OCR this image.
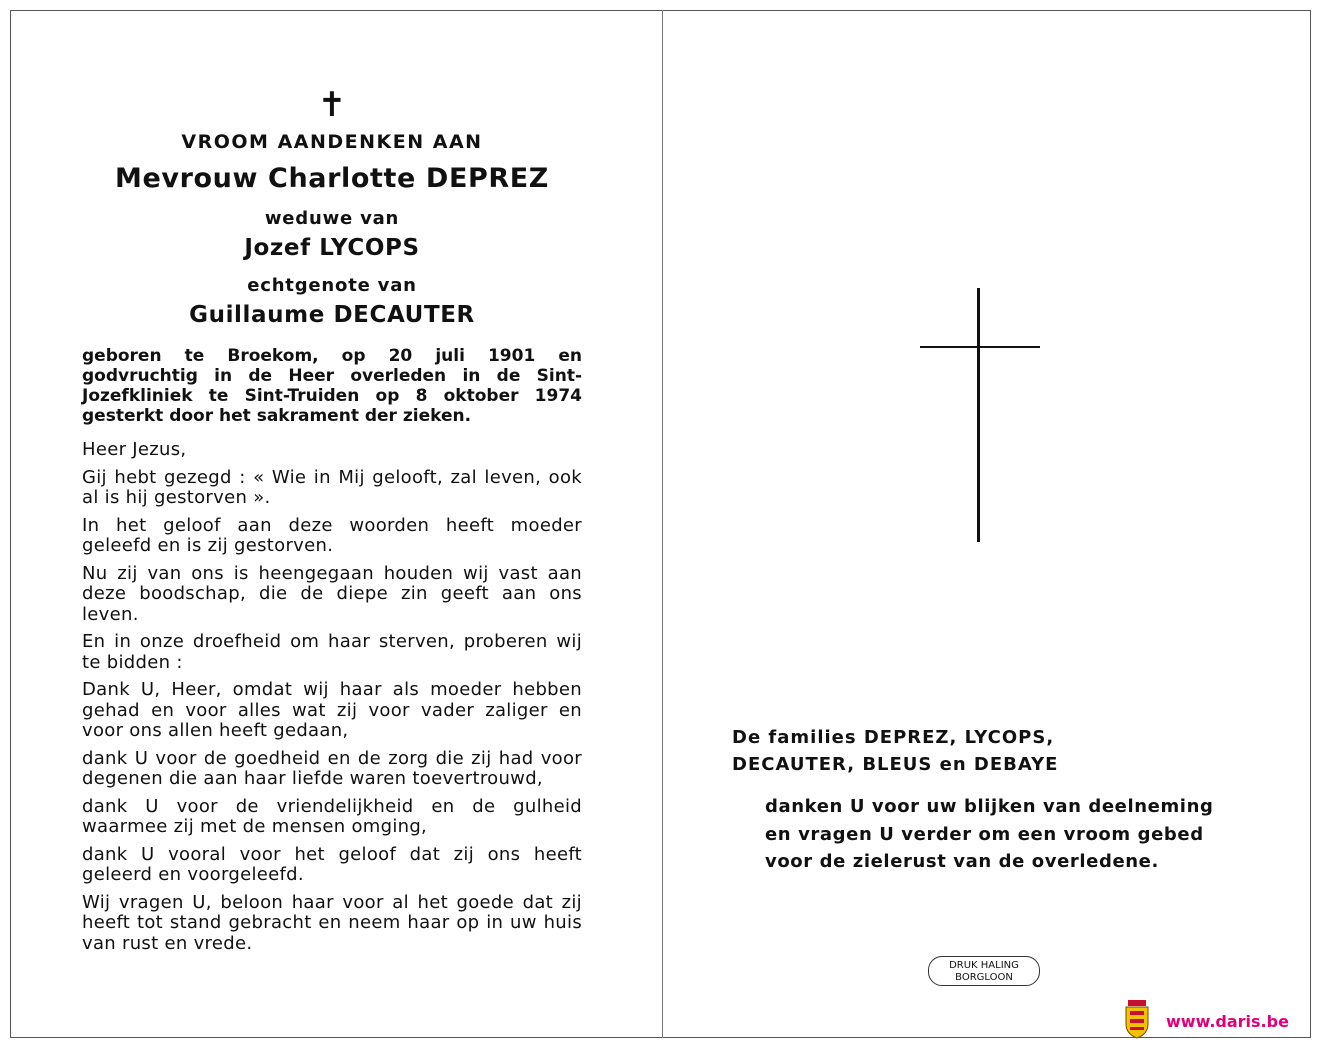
✝
VROOM AANDENKEN AAN
Mevrouw Charlotte DEPREZ
weduwe van
Jozef LYCOPS
echtgenote van
Guillaume DECAUTER
geboren te Broekom, op 20 juli 1901 en godvruchtig in de Heer overleden in de Sint-Jozefkliniek te Sint-Truiden op 8 oktober 1974 gesterkt door het sakrament der zieken.
Heer Jezus,
Gij hebt gezegd : « Wie in Mij gelooft, zal leven, ook al is hij gestorven ».
In het geloof aan deze woorden heeft moeder geleefd en is zij gestorven.
Nu zij van ons is heengegaan houden wij vast aan deze boodschap, die de diepe zin geeft aan ons leven.
En in onze droefheid om haar sterven, proberen wij te bidden :
Dank U, Heer, omdat wij haar als moeder hebben gehad en voor alles wat zij voor vader zaliger en voor ons allen heeft gedaan,
dank U voor de goedheid en de zorg die zij had voor degenen die aan haar liefde waren toevertrouwd,
dank U voor de vriendelijkheid en de gulheid waarmee zij met de mensen omging,
dank U vooral voor het geloof dat zij ons heeft geleerd en voorgeleefd.
Wij vragen U, beloon haar voor al het goede dat zij heeft tot stand gebracht en neem haar op in uw huis van rust en vrede.
De families DEPREZ, LYCOPS,
DECAUTER, BLEUS en DEBAYE
danken U voor uw blijken van deelneming
en vragen U verder om een vroom gebed
voor de zielerust van de overledene.
DRUK HALING
BORGLOON
www.daris.be
